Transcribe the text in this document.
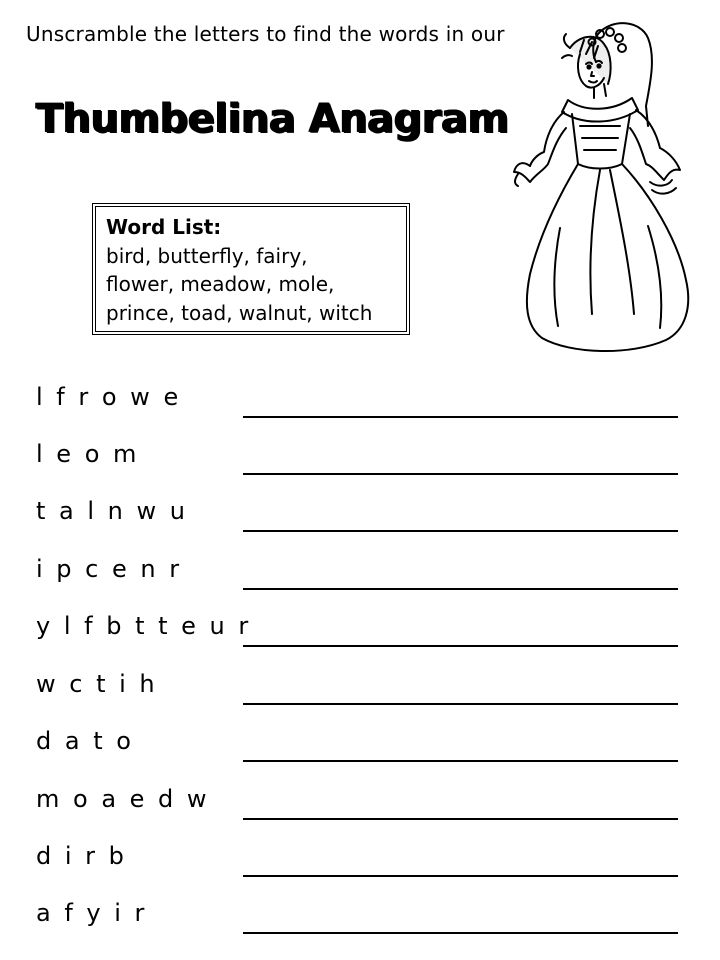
Unscramble the letters to find the words in our
Thumbelina Anagram
Word List:
bird, butterfly, fairy,
flower, meadow, mole,
prince, toad, walnut, witch
l f r o w e
l e o m
t a l n w u
i p c e n r
y l f b t t e u r
w c t i h
d a t o
m o a e d w
d i r b
a f y i r
